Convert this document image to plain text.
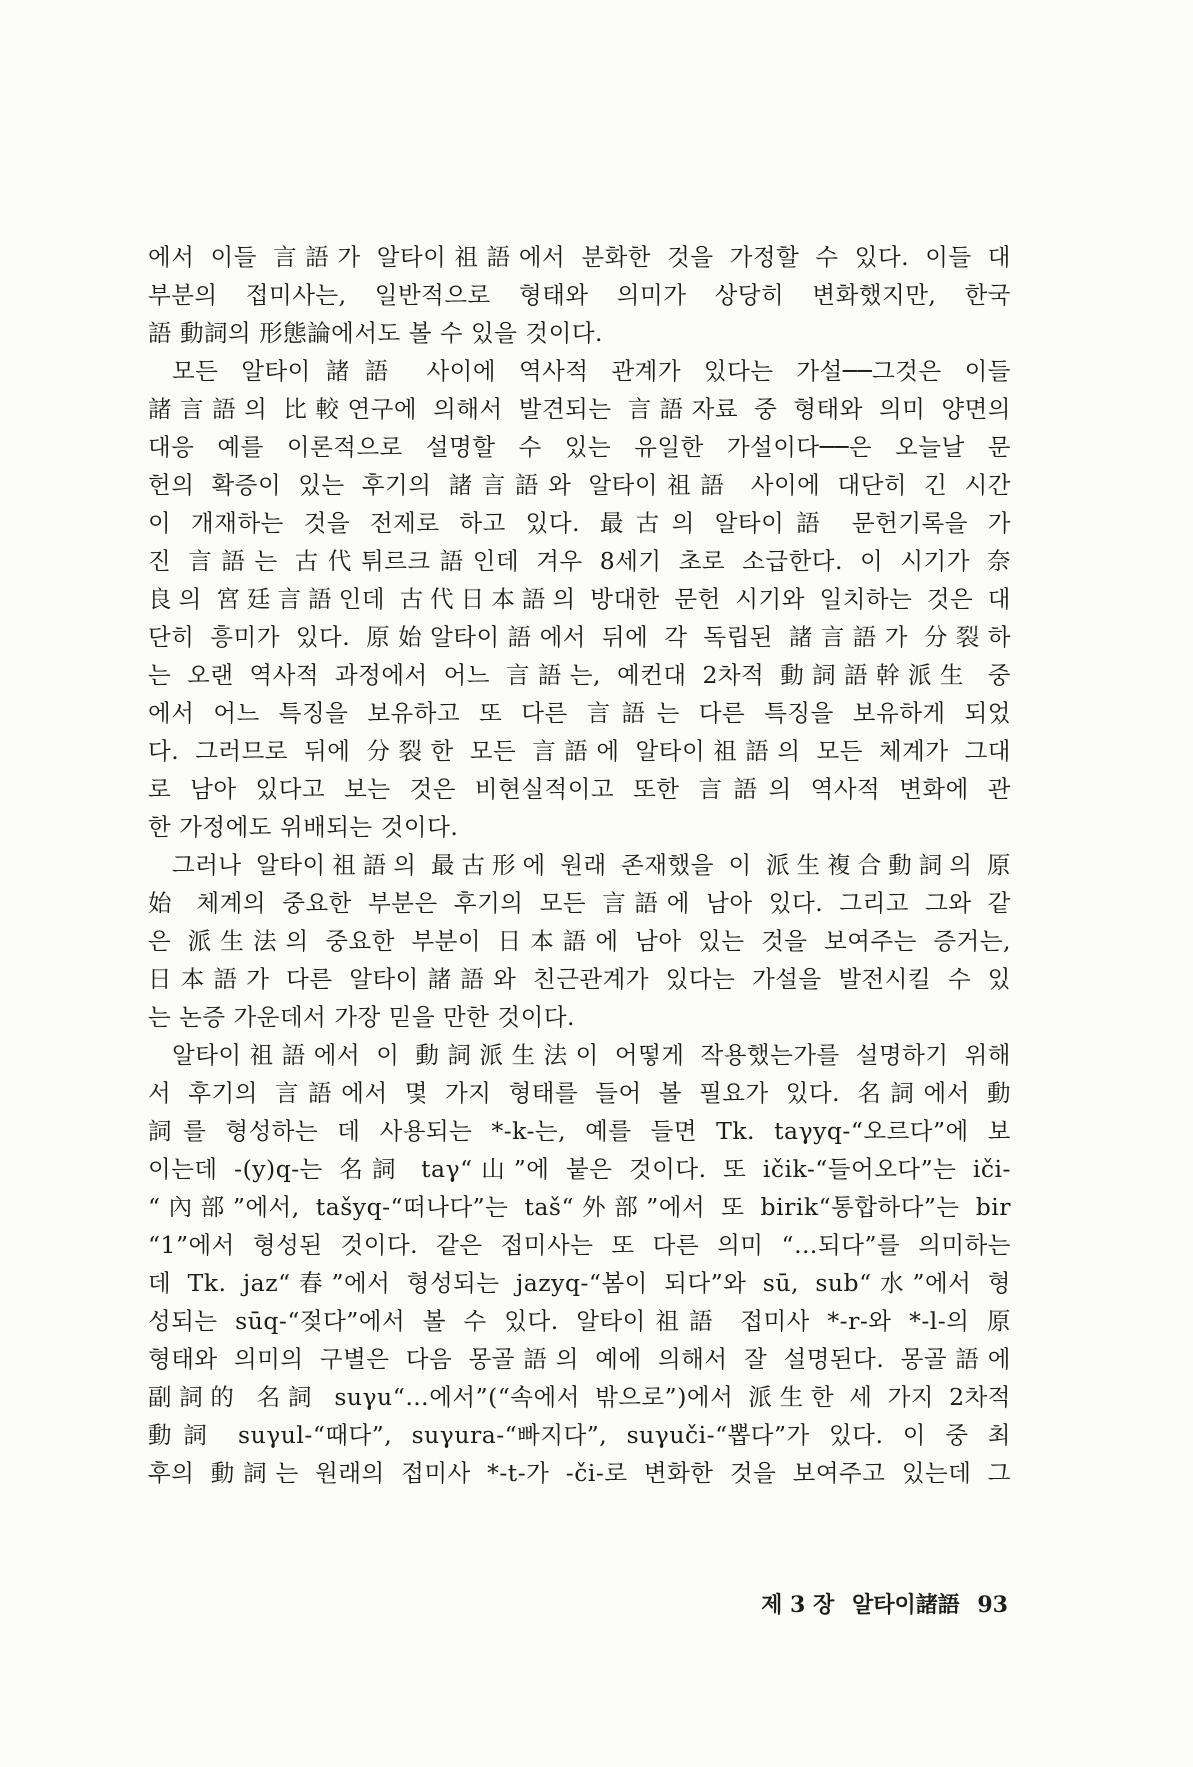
에서 이들 言語가 알타이祖語에서 분화한 것을 가정할 수 있다. 이들 대
부분의 접미사는, 일반적으로 형태와 의미가 상당히 변화했지만, 한국
語 動詞의 形態論에서도 볼 수 있을 것이다.
모든 알타이諸語 사이에 역사적 관계가 있다는 가설──그것은 이들
諸言語의 比較연구에 의해서 발견되는 言語자료 중 형태와 의미 양면의
대응 예를 이론적으로 설명할 수 있는 유일한 가설이다──은 오늘날 문
헌의 확증이 있는 후기의 諸言語와 알타이祖語 사이에 대단히 긴 시간
이 개재하는 것을 전제로 하고 있다. 最古의 알타이語 문헌기록을 가
진 言語는 古代튀르크語인데 겨우 8세기 초로 소급한다. 이 시기가 奈
良의 宮廷言語인데 古代日本語의 방대한 문헌 시기와 일치하는 것은 대
단히 흥미가 있다. 原始알타이語에서 뒤에 각 독립된 諸言語가 分裂하
는 오랜 역사적 과정에서 어느 言語는, 예컨대 2차적 動詞語幹派生 중
에서 어느 특징을 보유하고 또 다른 言語는 다른 특징을 보유하게 되었
다. 그러므로 뒤에 分裂한 모든 言語에 알타이祖語의 모든 체계가 그대
로 남아 있다고 보는 것은 비현실적이고 또한 言語의 역사적 변화에 관
한 가정에도 위배되는 것이다.
그러나 알타이祖語의 最古形에 원래 존재했을 이 派生複合動詞의 原
始 체계의 중요한 부분은 후기의 모든 言語에 남아 있다. 그리고 그와 같
은 派生法의 중요한 부분이 日本語에 남아 있는 것을 보여주는 증거는,
日本語가 다른 알타이諸語와 친근관계가 있다는 가설을 발전시킬 수 있
는 논증 가운데서 가장 믿을 만한 것이다.
알타이祖語에서 이 動詞派生法이 어떻게 작용했는가를 설명하기 위해
서 후기의 言語에서 몇 가지 형태를 들어 볼 필요가 있다. 名詞에서 動
詞를 형성하는 데 사용되는 *-k-는, 예를 들면 Tk. taγyq-“오르다”에 보
이는데 -(y)q-는 名詞 taγ“山”에 붙은 것이다. 또 ičik-“들어오다”는 iči-
“內部”에서, tašyq-“떠나다”는 taš“外部”에서 또 birik“통합하다”는 bir
“1”에서 형성된 것이다. 같은 접미사는 또 다른 의미 “…되다”를 의미하는
데 Tk. jaz“春”에서 형성되는 jazyq-“봄이 되다”와 sū, sub“水”에서 형
성되는 sūq-“젖다”에서 볼 수 있다. 알타이祖語 접미사 *-r-와 *-l-의 原
형태와 의미의 구별은 다음 몽골語의 예에 의해서 잘 설명된다. 몽골語에
副詞的 名詞 suγu“…에서”(“속에서 밖으로”)에서 派生한 세 가지 2차적
動詞 suγul-“때다”, suγura-“빠지다”, suγuči-“뽑다”가 있다. 이 중 최
후의 動詞는 원래의 접미사 *-t-가 -či-로 변화한 것을 보여주고 있는데 그
제 3 장 알타이諸語 93
